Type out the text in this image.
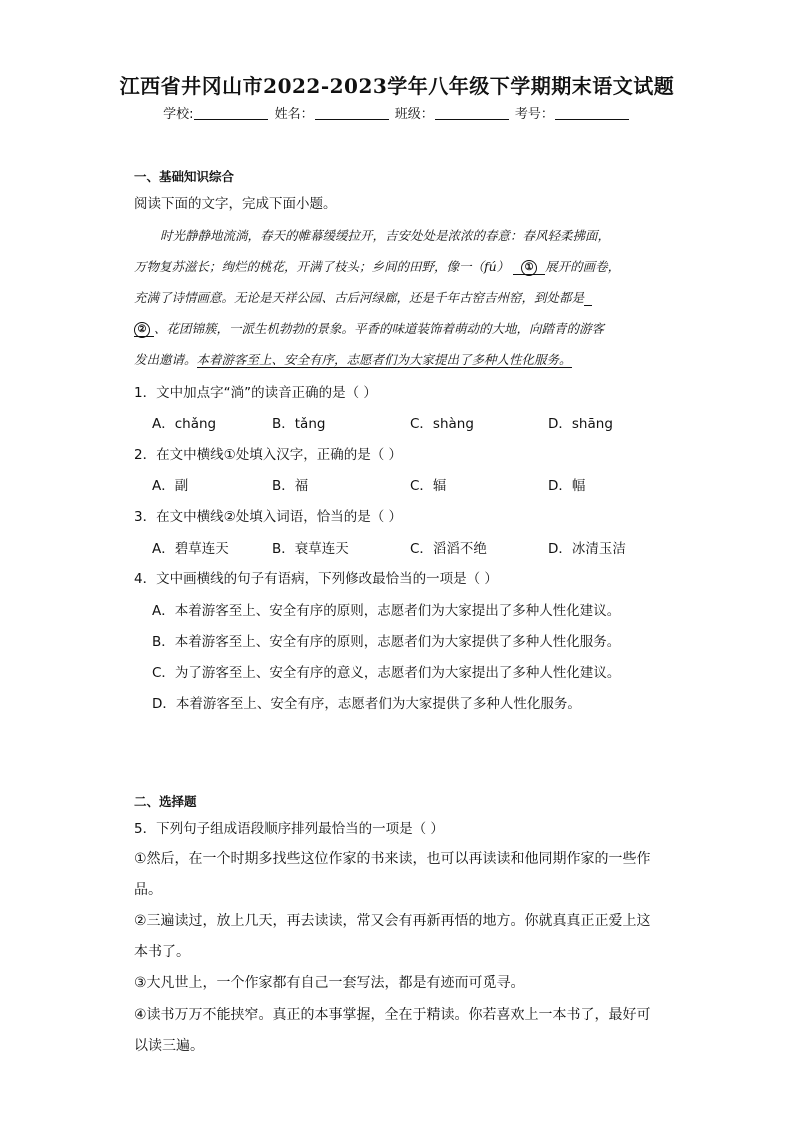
江西省井冈山市2022-2023学年八年级下学期期末语文试题
学校:	姓名：	班级：	考号：
一、基础知识综合
阅读下面的文字，完成下面小题。
时光静静地流淌，春天的帷幕缓缓拉开，吉安处处是浓浓的春意：春风轻柔拂面，
万物复苏滋长；绚烂的桃花，开满了枝头；乡间的田野，像一（fú） ① 展开的画卷，
充满了诗情画意。无论是天祥公园、古后河绿廊，还是千年古窑吉州窑，到处都是
② 、花团锦簇，一派生机勃勃的景象。平香的味道装饰着萌动的大地，向踏青的游客
发出邀请。本着游客至上、安全有序，志愿者们为大家提出了多种人性化服务。
1．文中加点字“淌”的读音正确的是（ ）
A．chǎng	B．tǎng	C．shàng	D．shāng
2．在文中横线①处填入汉字，正确的是（ ）
A．副	B．福	C．辐	D．幅
3．在文中横线②处填入词语，恰当的是（ ）
A．碧草连天	B．衰草连天	C．滔滔不绝	D．冰清玉洁
4．文中画横线的句子有语病，下列修改最恰当的一项是（ ）
A．本着游客至上、安全有序的原则，志愿者们为大家提出了多种人性化建议。
B．本着游客至上、安全有序的原则，志愿者们为大家提供了多种人性化服务。
C．为了游客至上、安全有序的意义，志愿者们为大家提出了多种人性化建议。
D．本着游客至上、安全有序，志愿者们为大家提供了多种人性化服务。
二、选择题
5．下列句子组成语段顺序排列最恰当的一项是（ ）
①然后，在一个时期多找些这位作家的书来读，也可以再读读和他同期作家的一些作
品。
②三遍读过，放上几天，再去读读，常又会有再新再悟的地方。你就真真正正爱上这
本书了。
③大凡世上，一个作家都有自己一套写法，都是有迹而可觅寻。
④读书万万不能挟窄。真正的本事掌握，全在于精读。你若喜欢上一本书了，最好可
以读三遍。
